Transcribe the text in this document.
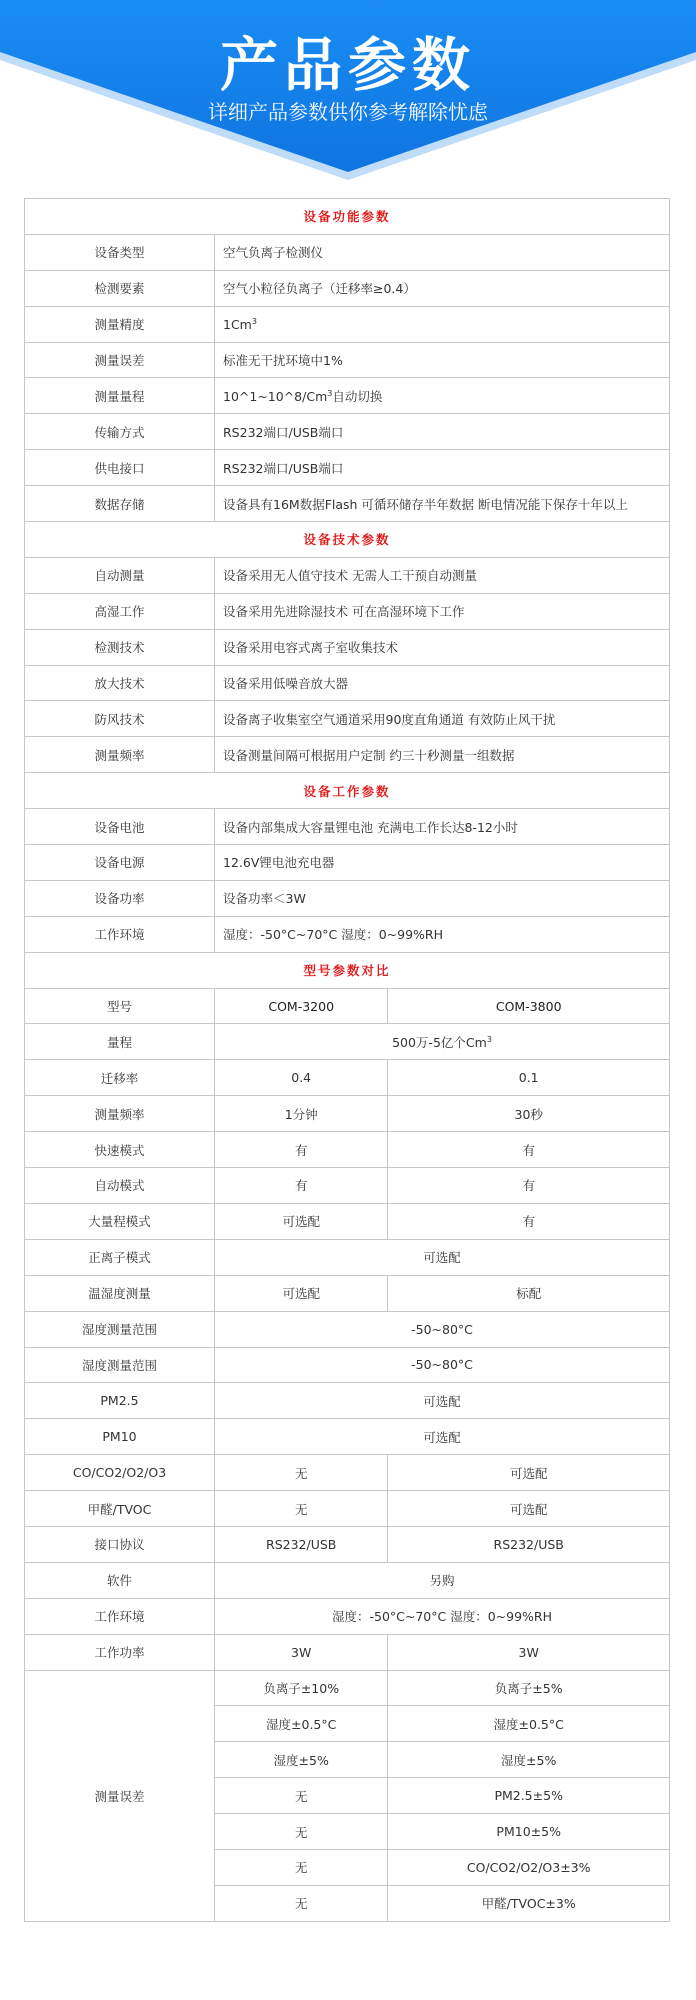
产品参数
详细产品参数供你参考解除忧虑
设备功能参数		
设备类型	空气负离子检测仪	
检测要素	空气小粒径负离子（迁移率≥0.4）	
测量精度	1Cm$^3$
测量误差	标准无干扰环境中1%	
测量量程	10^1~10^8/Cm$^3$自动切换	
传输方式	RS232端口/USB端口	
供电接口	RS232端口/USB端口	
数据存储	设备具有16M数据Flash 可循环储存半年数据 断电情况能下保存十年以上	
设备技术参数		
自动测量	设备采用无人值守技术 无需人工干预自动测量	
高湿工作	设备采用先进除湿技术 可在高湿环境下工作	
检测技术	设备采用电容式离子室收集技术	
放大技术	设备采用低噪音放大器	
防风技术	设备离子收集室空气通道采用90度直角通道 有效防止风干扰	
测量频率	设备测量间隔可根据用户定制 约三十秒测量一组数据	
设备工作参数		
设备电池	设备内部集成大容量锂电池 充满电工作长达8-12小时	
设备电源	12.6V锂电池充电器	
设备功率	设备功率＜3W	
工作环境	湿度：-50°C~70°C 湿度：0~99%RH	
型号参数对比		
型号	COM-3200	COM-3800
量程	500万-5亿个Cm$^3$
迁移率	0.4	0.1
测量频率	1分钟	30秒
快速模式	有	有
自动模式	有	有
大量程模式	可选配	有
正离子模式	可选配	
温湿度测量	可选配	标配
湿度测量范围	-50~80°C	
湿度测量范围	-50~80°C	
PM2.5	可选配	
PM10	可选配	
CO/CO2/O2/O3	无	可选配
甲醛/TVOC	无	可选配
接口协议	RS232/USB	RS232/USB
软件	另购	
工作环境	湿度：-50°C~70°C 湿度：0~99%RH	
工作功率	3W	3W
测量误差	负离子±10%	负离子±5%
	湿度±0.5°C	湿度±0.5°C
	湿度±5%	湿度±5%
	无	PM2.5±5%
	无	PM10±5%
	无	CO/CO2/O2/O3±3%
	无	甲醛/TVOC±3%
